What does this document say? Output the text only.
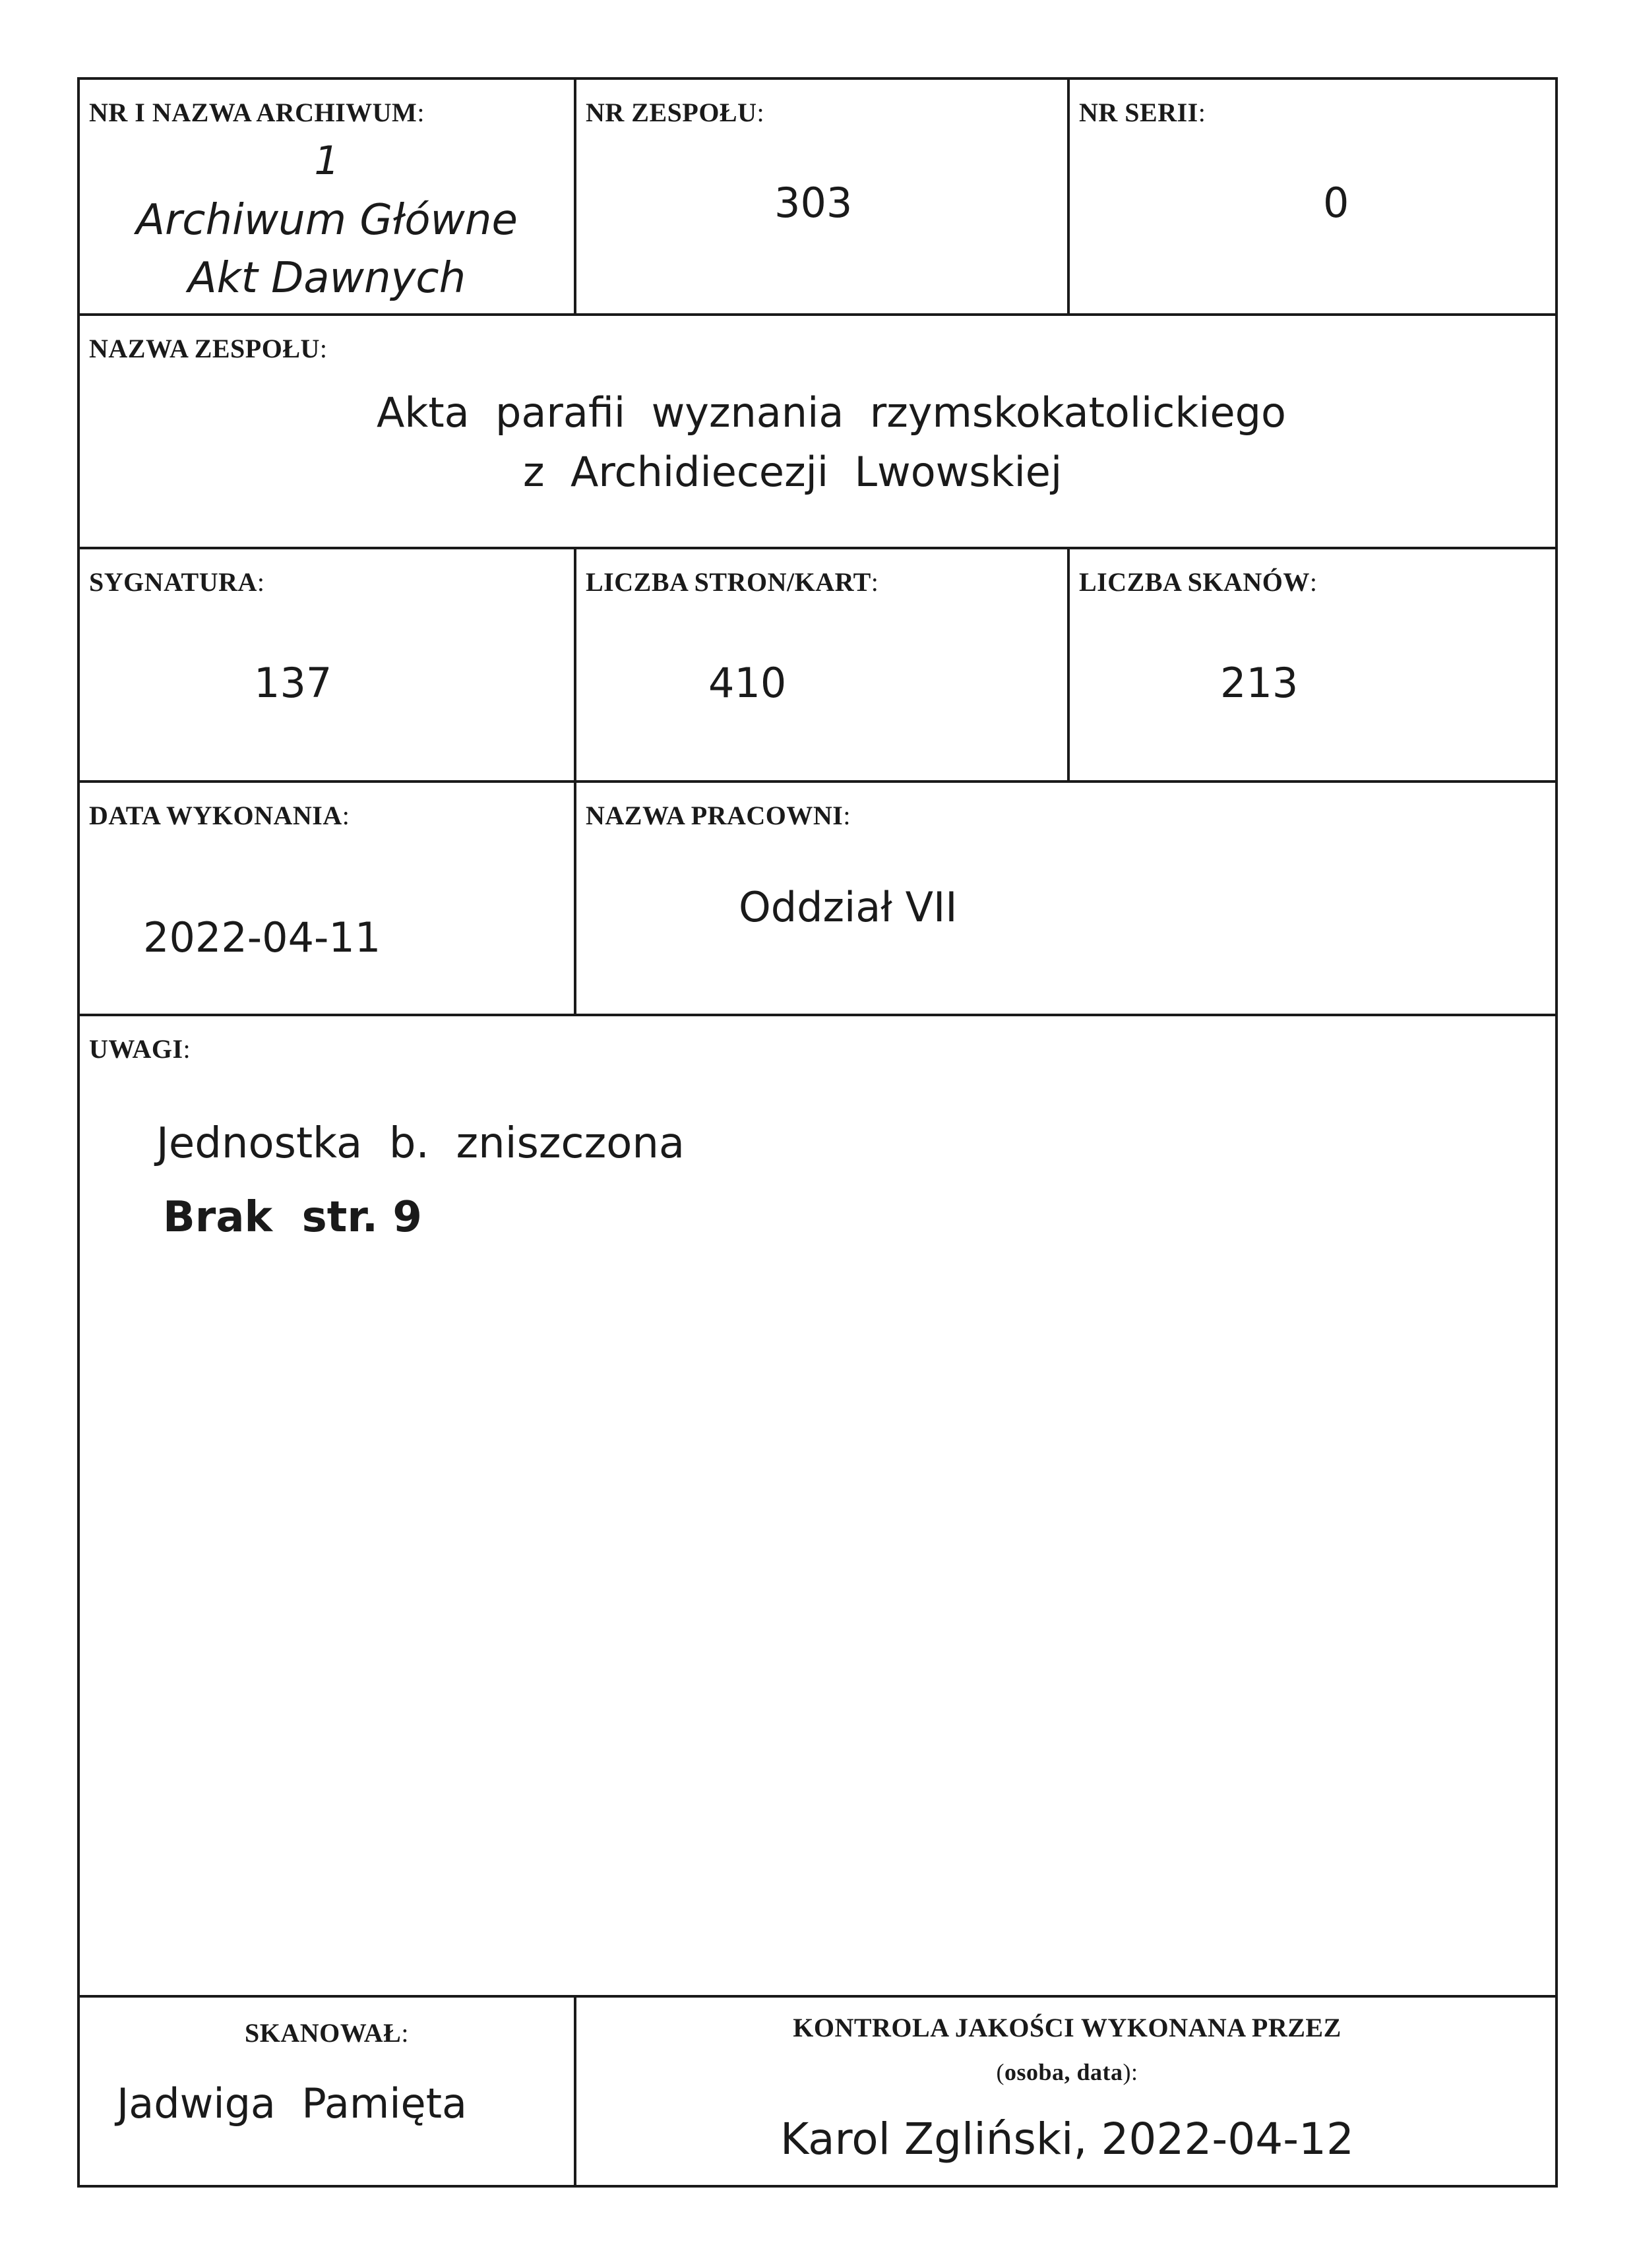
NR I NAZWA ARCHIWUM:
1
Archiwum Główne
Akt Dawnych
NR ZESPOŁU:
303
NR SERII:
0
NAZWA ZESPOŁU:
Akta  parafii  wyznania  rzymskokatolickiego
z  Archidiecezji  Lwowskiej
SYGNATURA:
137
LICZBA STRON/KART:
410
LICZBA SKANÓW:
213
DATA WYKONANIA:
2022-04-11
NAZWA PRACOWNI:
Oddział VII
UWAGI:
Jednostka  b.  zniszczona
Brak  str. 9
SKANOWAŁ:
Jadwiga  Pamięta
KONTROLA JAKOŚCI WYKONANA PRZEZ
(osoba, data):
Karol Zgliński, 2022-04-12
